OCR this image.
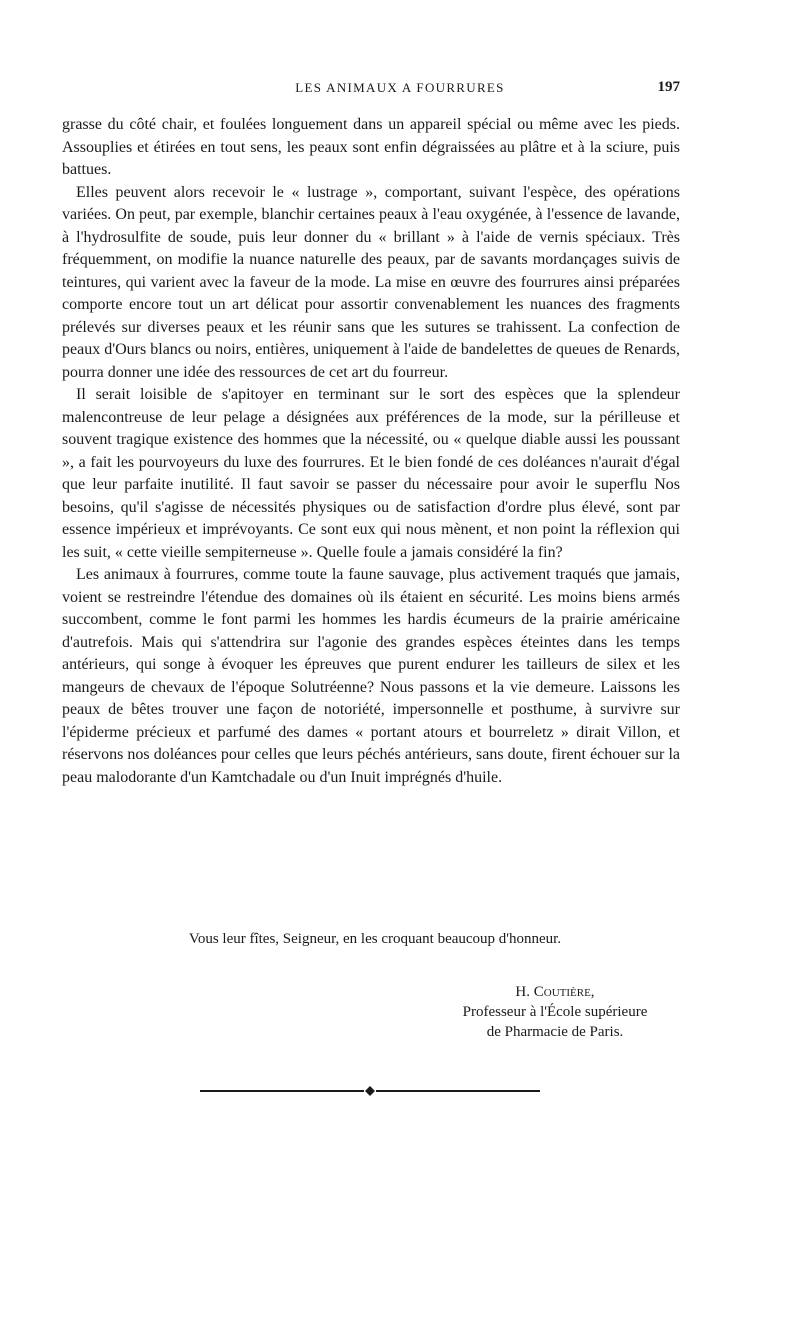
LES ANIMAUX A FOURRURES	197

grasse du côté chair, et foulées longuement dans un appareil spécial ou même avec les pieds. Assouplies et étirées en tout sens, les peaux sont enfin dégraissées au plâtre et à la sciure, puis battues.

Elles peuvent alors recevoir le « lustrage », comportant, suivant l'espèce, des opérations variées. On peut, par exemple, blanchir certaines peaux à l'eau oxygénée, à l'essence de lavande, à l'hydrosulfite de soude, puis leur donner du « brillant » à l'aide de vernis spéciaux. Très fréquemment, on modifie la nuance naturelle des peaux, par de savants mordançages suivis de teintures, qui varient avec la faveur de la mode. La mise en œuvre des fourrures ainsi préparées comporte encore tout un art délicat pour assortir convenablement les nuances des fragments prélevés sur diverses peaux et les réunir sans que les sutures se trahissent. La confection de peaux d'Ours blancs ou noirs, entières, uniquement à l'aide de bandelettes de queues de Renards, pourra donner une idée des ressources de cet art du fourreur.

Il serait loisible de s'apitoyer en terminant sur le sort des espèces que la splendeur malencontreuse de leur pelage a désignées aux préférences de la mode, sur la périlleuse et souvent tragique existence des hommes que la nécessité, ou « quelque diable aussi les poussant », a fait les pourvoyeurs du luxe des fourrures. Et le bien fondé de ces doléances n'aurait d'égal que leur parfaite inutilité. Il faut savoir se passer du nécessaire pour avoir le superflu Nos besoins, qu'il s'agisse de nécessités physiques ou de satisfaction d'ordre plus élevé, sont par essence impérieux et imprévoyants. Ce sont eux qui nous mènent, et non point la réflexion qui les suit, « cette vieille sempiterneuse ». Quelle foule a jamais considéré la fin?

Les animaux à fourrures, comme toute la faune sauvage, plus activement traqués que jamais, voient se restreindre l'étendue des domaines où ils étaient en sécurité. Les moins biens armés succombent, comme le font parmi les hommes les hardis écumeurs de la prairie américaine d'autrefois. Mais qui s'attendrira sur l'agonie des grandes espèces éteintes dans les temps antérieurs, qui songe à évoquer les épreuves que purent endurer les tailleurs de silex et les mangeurs de chevaux de l'époque Solutréenne? Nous passons et la vie demeure. Laissons les peaux de bêtes trouver une façon de notoriété, impersonnelle et posthume, à survivre sur l'épiderme précieux et parfumé des dames « portant atours et bourreletz » dirait Villon, et réservons nos doléances pour celles que leurs péchés antérieurs, sans doute, firent échouer sur la peau malodorante d'un Kamtchadale ou d'un Inuit imprégnés d'huile.

Vous leur fîtes, Seigneur, en les croquant beaucoup d'honneur.
H. Coutière,
Professeur à l'École supérieure
de Pharmacie de Paris.
